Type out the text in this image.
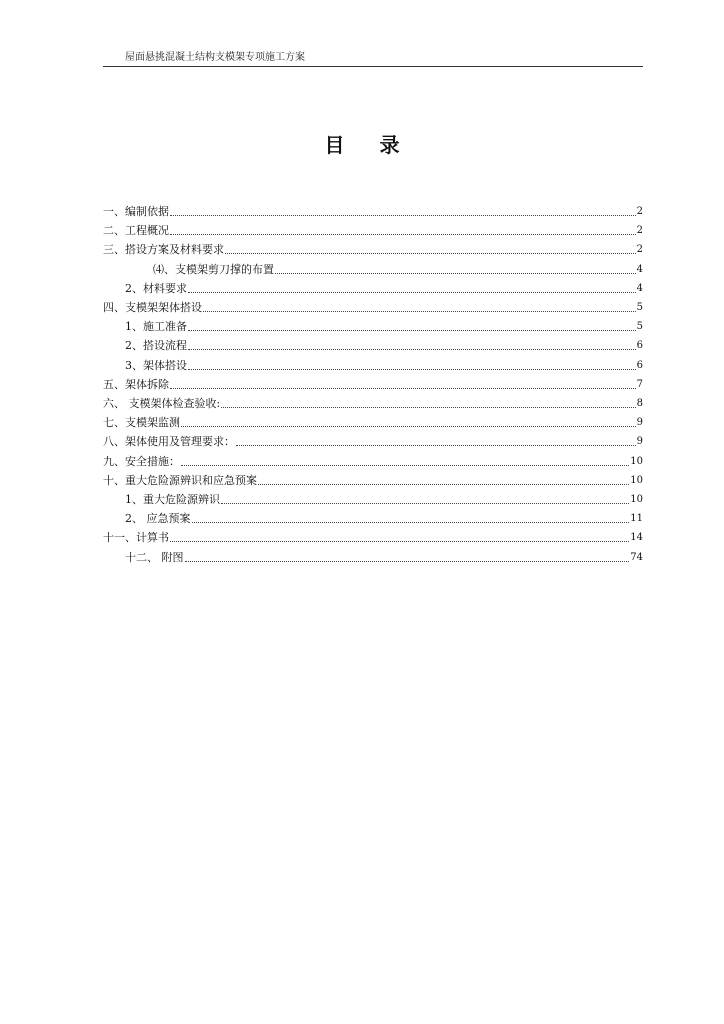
屋面悬挑混凝土结构支模架专项施工方案
目 录
一、编制依据	2
二、工程概况	2
三、搭设方案及材料要求	2
⑷、支模架剪刀撑的布置	4
2、材料要求	4
四、支模架架体搭设	5
1、施工准备	5
2、搭设流程	6
3、架体搭设	6
五、架体拆除	7
六、 支模架体检查验收:	8
七、支模架监测	9
八、架体使用及管理要求：	9
九、安全措施：	10
十、重大危险源辨识和应急预案	10
1、重大危险源辨识	10
2、 应急预案	11
十一、计算书	14
十二、 附图	74
